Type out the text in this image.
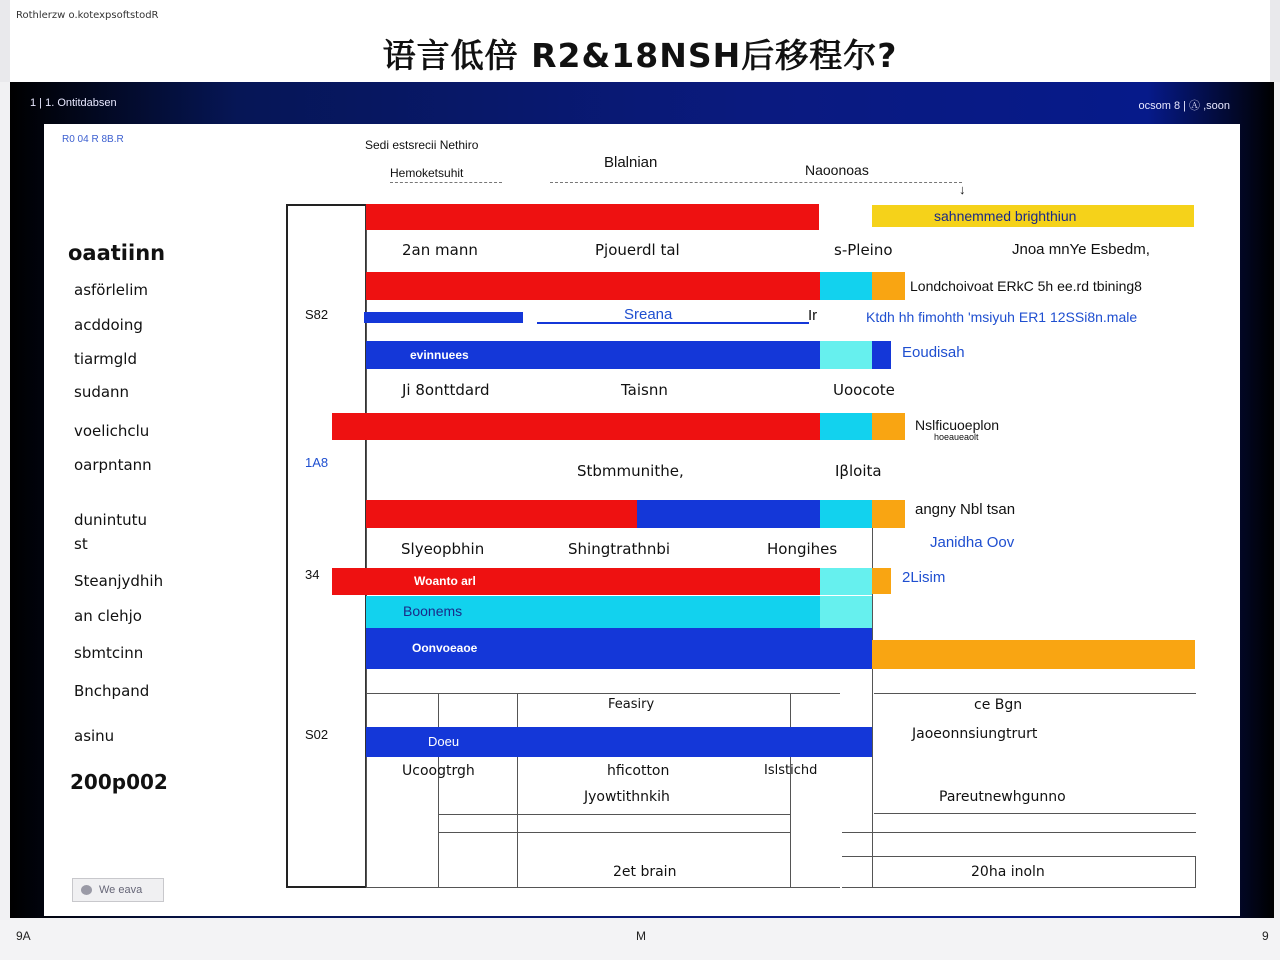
Rothlerzw o.kotexpsoftstodR
语言低倍 R2&18NSH后移程尔?
1 | 1. Ontitdabsen	ocsom 8 | Ⓐ ,soon
R0 04 R 8B.R
oaatiinn
asförlelim
acddoing
tiarmgld
sudann
voelichclu
oarpntann
dunintutu
st
Steanjydhih
an clehjo
sbmtcinn
Bnchpand
asinu
200p002
We eava
Sedi estsrecii Nethiro
Hemoketsuhit
Blalnian	Naoonoas
↓
S82
1A8
34
S02
sahnemmed brighthiun
2an mann	Pjouerdl tal	s-Pleino	Jnoa mnYe Esbedm,
Londchoivoat ERkC 5h ee.rd tbining8
Sreana	Ir	Ktdh hh fimohth 'msiyuh ER1 12SSi8n.male
evinnuees	Eoudisah
Ji 8onttdard	Taisnn	Uoocote
Nslficuoeplon
hoeaueaolt
Stbmmunithe,	Iβloita
angny Nbl tsan
Slyeopbhin	Shingtrathnbi	Hongihes	Janidha Oov
Woanto arl	2Lisim
Boonems
Oonvoeaoe
Feasiry	ce Bgn
Doeu	Jaoeonnsiungtrurt
Ucoogtrgh	hficotton	Islstichd
Jyowtithnkih	Pareutnewhgunno
2et brain	20ha inoln
9A	M	9
